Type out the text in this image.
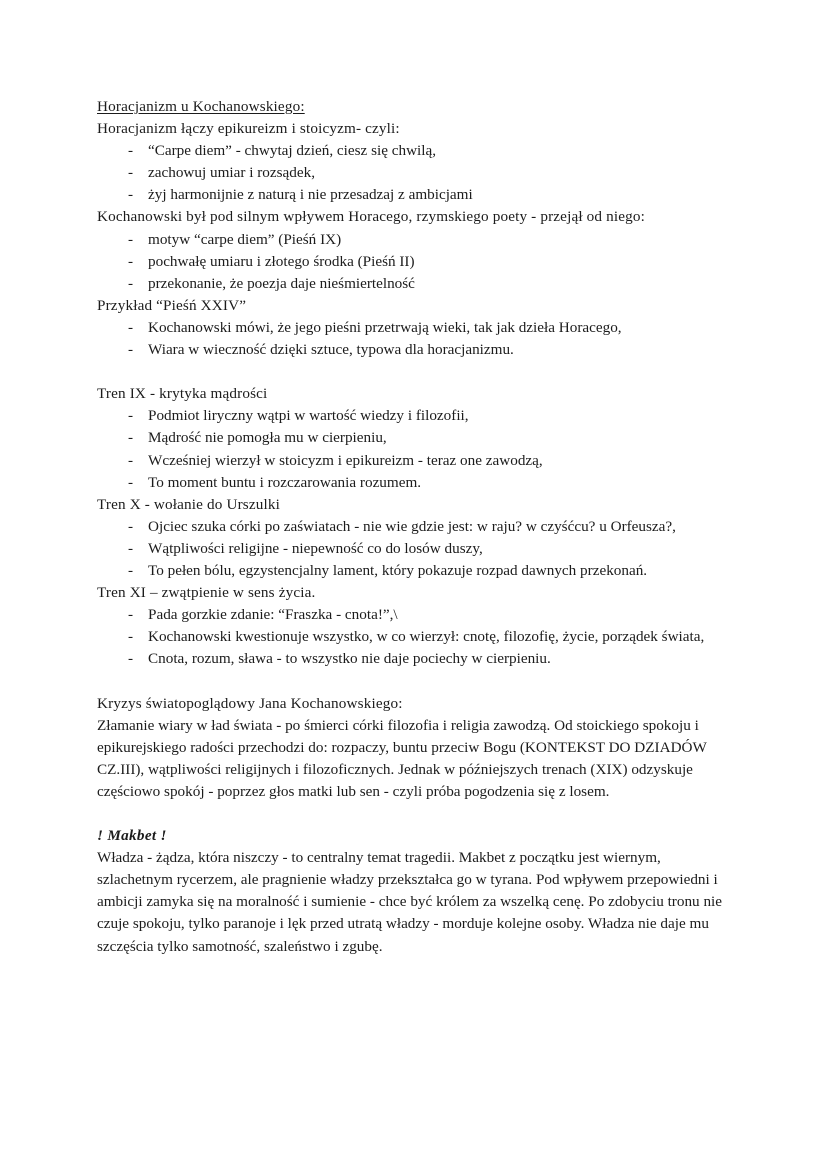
Horacjanizm u Kochanowskiego:
Horacjanizm łączy epikureizm i stoicyzm- czyli:
- “Carpe diem” - chwytaj dzień, ciesz się chwilą,
- zachowuj umiar i rozsądek,
- żyj harmonijnie z naturą i nie przesadzaj z ambicjami
Kochanowski był pod silnym wpływem Horacego, rzymskiego poety - przejął od niego:
- motyw “carpe diem” (Pieśń IX)
- pochwałę umiaru i złotego środka (Pieśń II)
- przekonanie, że poezja daje nieśmiertelność
Przykład “Pieśń XXIV”
- Kochanowski mówi, że jego pieśni przetrwają wieki, tak jak dzieła Horacego,
- Wiara w wieczność dzięki sztuce, typowa dla horacjanizmu.
Tren IX - krytyka mądrości
- Podmiot liryczny wątpi w wartość wiedzy i filozofii,
- Mądrość nie pomogła mu w cierpieniu,
- Wcześniej wierzył w stoicyzm i epikureizm - teraz one zawodzą,
- To moment buntu i rozczarowania rozumem.
Tren X - wołanie do Urszulki
- Ojciec szuka córki po zaświatach - nie wie gdzie jest: w raju? w czyśćcu? u Orfeusza?,
- Wątpliwości religijne - niepewność co do losów duszy,
- To pełen bólu, egzystencjalny lament, który pokazuje rozpad dawnych przekonań.
Tren XI – zwątpienie w sens życia.
- Pada gorzkie zdanie: “Fraszka - cnota!”,\
- Kochanowski kwestionuje wszystko, w co wierzył: cnotę, filozofię, życie, porządek świata,
- Cnota, rozum, sława - to wszystko nie daje pociechy w cierpieniu.
Kryzys światopoglądowy Jana Kochanowskiego:
Złamanie wiary w ład świata - po śmierci córki filozofia i religia zawodzą. Od stoickiego spokoju i epikurejskiego radości przechodzi do: rozpaczy, buntu przeciw Bogu (KONTEKST DO DZIADÓW CZ.III), wątpliwości religijnych i filozoficznych. Jednak w późniejszych trenach (XIX) odzyskuje częściowo spokój - poprzez głos matki lub sen - czyli próba pogodzenia się z losem.
! Makbet !
Władza - żądza, która niszczy - to centralny temat tragedii. Makbet z początku jest wiernym, szlachetnym rycerzem, ale pragnienie władzy przekształca go w tyrana. Pod wpływem przepowiedni i ambicji zamyka się na moralność i sumienie - chce być królem za wszelką cenę. Po zdobyciu tronu nie czuje spokoju, tylko paranoje i lęk przed utratą władzy - morduje kolejne osoby. Władza nie daje mu szczęścia tylko samotność, szaleństwo i zgubę.
